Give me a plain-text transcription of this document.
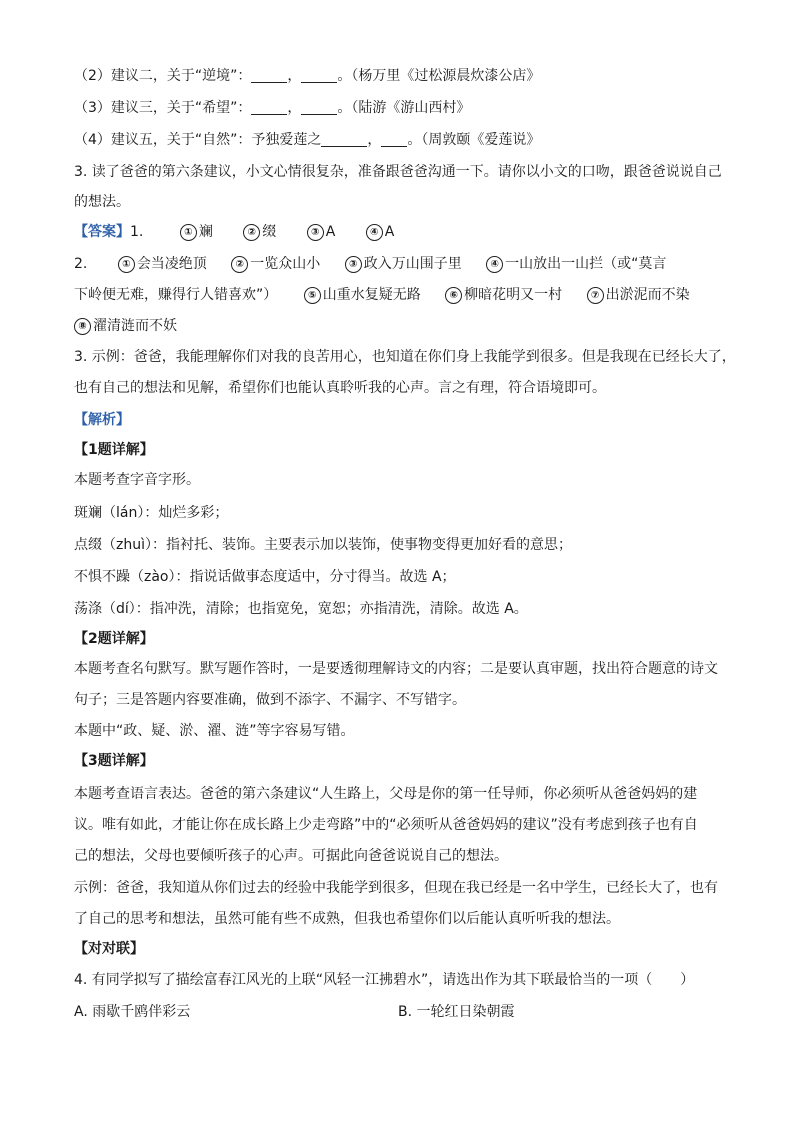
（2）建议二，关于“逆境”：	，	。（杨万里《过松源晨炊漆公店》
（3）建议三，关于“希望”：	，	。（陆游《游山西村》
（4）建议五，关于“自然”：予独爱莲之	， 。（周敦颐《爱莲说》
3. 读了爸爸的第六条建议，小文心情很复杂，准备跟爸爸沟通一下。请你以小文的口吻，跟爸爸说说自己
的想法。
【答案】1.	① 斓	② 缀	③ A	④ A
2.	① 会当凌绝顶	② 一览众山小	③ 政入万山围子里	④ 一山放出一山拦（或“莫言
下岭便无难，赚得行人错喜欢”）	⑤ 山重水复疑无路	⑥ 柳暗花明又一村	⑦ 出淤泥而不染
⑧ 濯清涟而不妖
3. 示例：爸爸，我能理解你们对我的良苦用心，也知道在你们身上我能学到很多。但是我现在已经长大了，
也有自己的想法和见解，希望你们也能认真聆听我的心声。言之有理，符合语境即可。
【解析】
【1题详解】
本题考查字音字形。
斑斓（lán）：灿烂多彩；
点缀（zhuì）：指衬托、装饰。主要表示加以装饰，使事物变得更加好看的意思；
不惧不躁（zào）：指说话做事态度适中，分寸得当。故选 A；
荡涤（dí）：指冲洗，清除；也指宽免，宽恕；亦指清洗，清除。故选 A。
【2题详解】
本题考查名句默写。默写题作答时，一是要透彻理解诗文的内容；二是要认真审题，找出符合题意的诗文
句子；三是答题内容要准确，做到不添字、不漏字、不写错字。
本题中“政、疑、淤、濯、涟”等字容易写错。
【3题详解】
本题考查语言表达。爸爸的第六条建议“人生路上，父母是你的第一任导师，你必须听从爸爸妈妈的建
议。唯有如此，才能让你在成长路上少走弯路”中的“必须听从爸爸妈妈的建议”没有考虑到孩子也有自
己的想法，父母也要倾听孩子的心声。可据此向爸爸说说自己的想法。
示例：爸爸，我知道从你们过去的经验中我能学到很多，但现在我已经是一名中学生，已经长大了，也有
了自己的思考和想法，虽然可能有些不成熟，但我也希望你们以后能认真听听我的想法。
【对对联】
4. 有同学拟写了描绘富春江风光的上联“风轻一江拂碧水”，请选出作为其下联最恰当的一项（　　）
A. 雨歇千鸥伴彩云	B. 一轮红日染朝霞
